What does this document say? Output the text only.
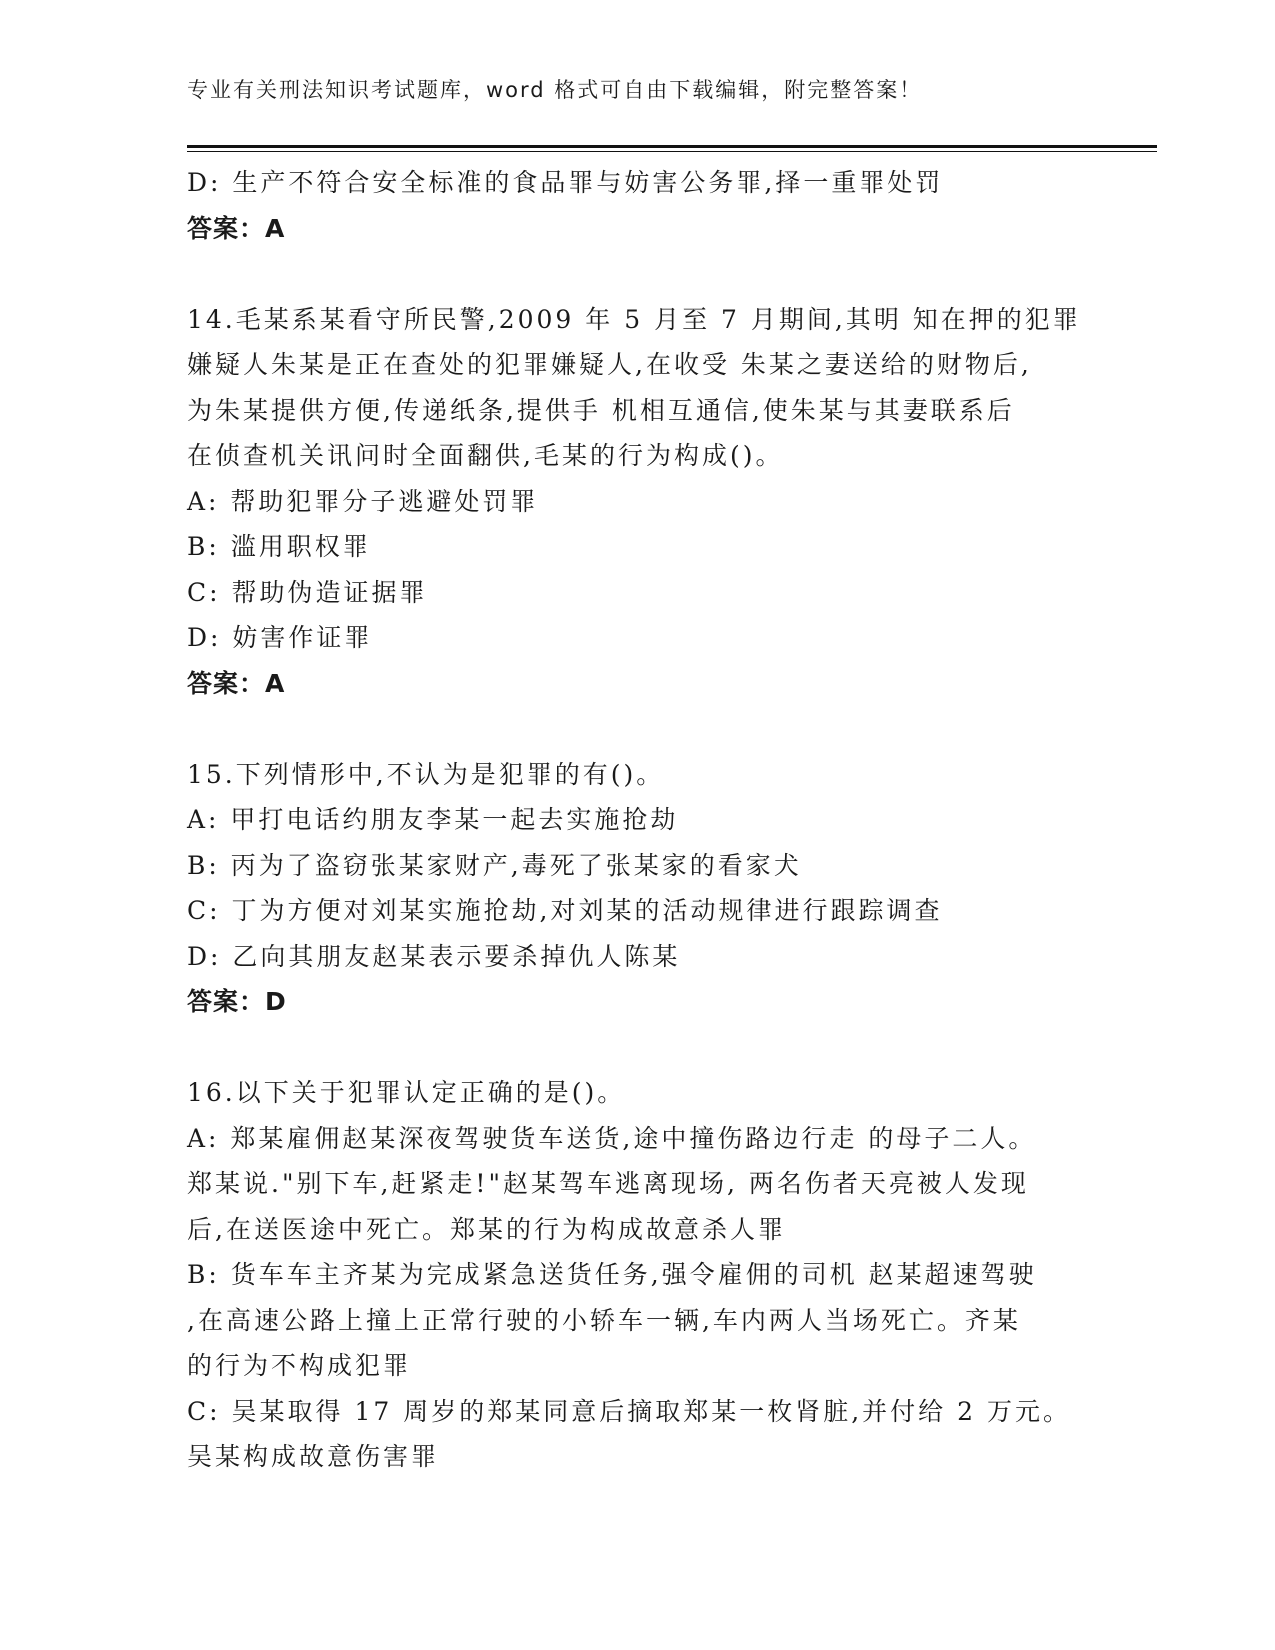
专业有关刑法知识考试题库，word 格式可自由下载编辑，附完整答案！
D: 生产不符合安全标准的食品罪与妨害公务罪,择一重罪处罚
答案：A
14.毛某系某看守所民警,2009 年 5 月至 7 月期间,其明 知在押的犯罪
嫌疑人朱某是正在查处的犯罪嫌疑人,在收受 朱某之妻送给的财物后,
为朱某提供方便,传递纸条,提供手 机相互通信,使朱某与其妻联系后
在侦查机关讯问时全面翻供,毛某的行为构成()。
A: 帮助犯罪分子逃避处罚罪
B: 滥用职权罪
C: 帮助伪造证据罪
D: 妨害作证罪
答案：A
15.下列情形中,不认为是犯罪的有()。
A: 甲打电话约朋友李某一起去实施抢劫
B: 丙为了盗窃张某家财产,毒死了张某家的看家犬
C: 丁为方便对刘某实施抢劫,对刘某的活动规律进行跟踪调查
D: 乙向其朋友赵某表示要杀掉仇人陈某
答案：D
16.以下关于犯罪认定正确的是()。
A: 郑某雇佣赵某深夜驾驶货车送货,途中撞伤路边行走 的母子二人。
郑某说."别下车,赶紧走!"赵某驾车逃离现场, 两名伤者天亮被人发现
后,在送医途中死亡。郑某的行为构成故意杀人罪
B: 货车车主齐某为完成紧急送货任务,强令雇佣的司机 赵某超速驾驶
,在高速公路上撞上正常行驶的小轿车一辆,车内两人当场死亡。齐某
的行为不构成犯罪
C: 吴某取得 17 周岁的郑某同意后摘取郑某一枚肾脏,并付给 2 万元。
吴某构成故意伤害罪
